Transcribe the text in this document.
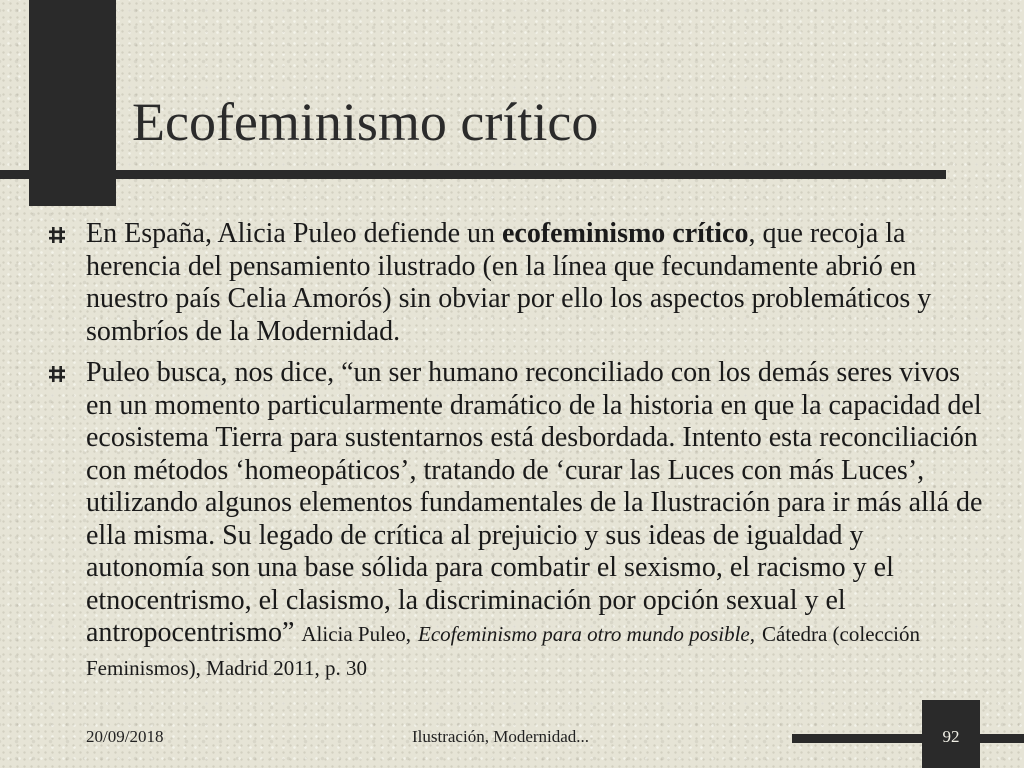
Ecofeminismo crítico
En España, Alicia Puleo defiende un ecofeminismo crítico, que recoja la herencia del pensamiento ilustrado (en la línea que fecundamente abrió en nuestro país Celia Amorós) sin obviar por ello los aspectos problemáticos y sombríos de la Modernidad.
Puleo busca, nos dice, “un ser humano reconciliado con los demás seres vivos en un momento particularmente dramático de la historia en que la capacidad del ecosistema Tierra para sustentarnos está desbordada. Intento esta reconciliación con métodos ‘homeopáticos’, tratando de ‘curar las Luces con más Luces’, utilizando algunos elementos fundamentales de la Ilustración para ir más allá de ella misma. Su legado de crítica al prejuicio y sus ideas de igualdad y autonomía son una base sólida para combatir el sexismo, el racismo y el etnocentrismo, el clasismo, la discriminación por opción sexual y el antropocentrismo” Alicia Puleo, Ecofeminismo para otro mundo posible, Cátedra (colección Feminismos), Madrid 2011, p. 30
20/09/2018	Ilustración, Modernidad...	92
